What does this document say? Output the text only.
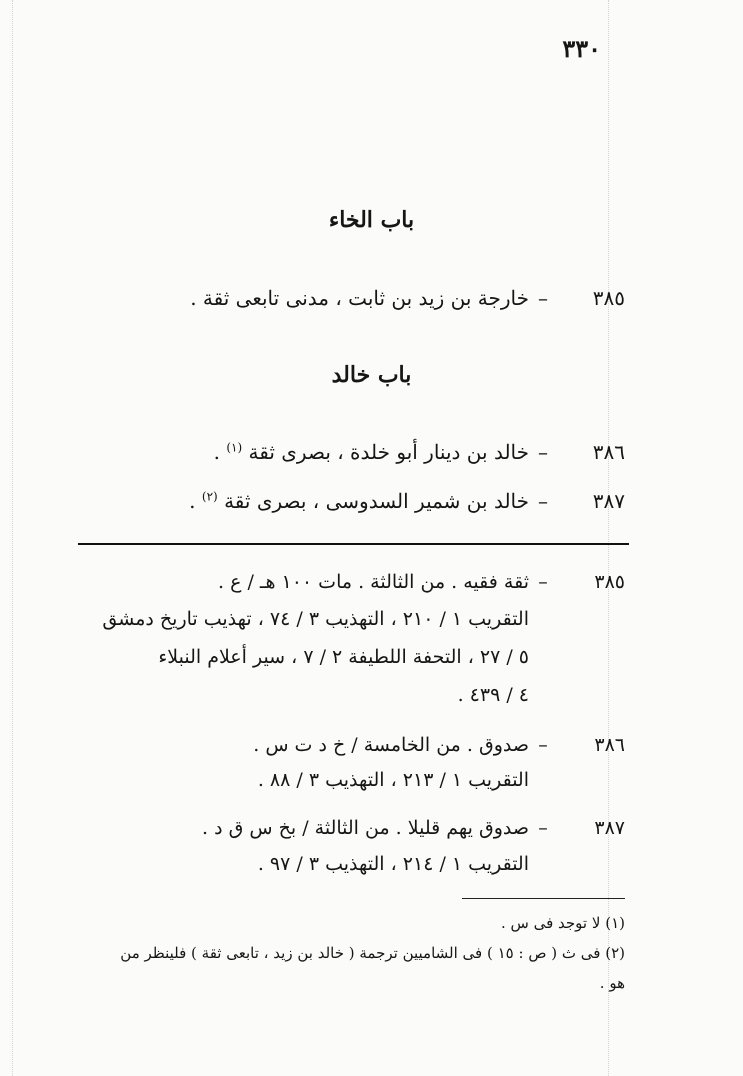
٣٣٠
باب الخاء
٣٨٥–خارجة بن زيد بن ثابت ، مدنى تابعى ثقة .
باب خالد
٣٨٦–خالد بن دينار أبو خلدة ، بصرى ثقة $^{(١)}$ .
٣٨٧–خالد بن شمير السدوسى ، بصرى ثقة $^{(٢)}$ .
٣٨٥–ثقة فقيه . من الثالثة . مات ١٠٠ هـ / ع .
التقريب ١ / ٢١٠ ، التهذيب ٣ / ٧٤ ، تهذيب تاريخ دمشق
٥ / ٢٧ ، التحفة اللطيفة ٢ / ٧ ، سير أعلام النبلاء
٤ / ٤٣٩ .
٣٨٦–صدوق . من الخامسة / خ د ت س .
التقريب ١ / ٢١٣ ، التهذيب ٣ / ٨٨ .
٣٨٧–صدوق يهم قليلا . من الثالثة / بخ س ق د .
التقريب ١ / ٢١٤ ، التهذيب ٣ / ٩٧ .
(١) لا توجد فى س .
(٢) فى ث ( ص : ١٥ ) فى الشاميين ترجمة ( خالد بن زيد ، تابعى ثقة ) فلينظر من
هو .
